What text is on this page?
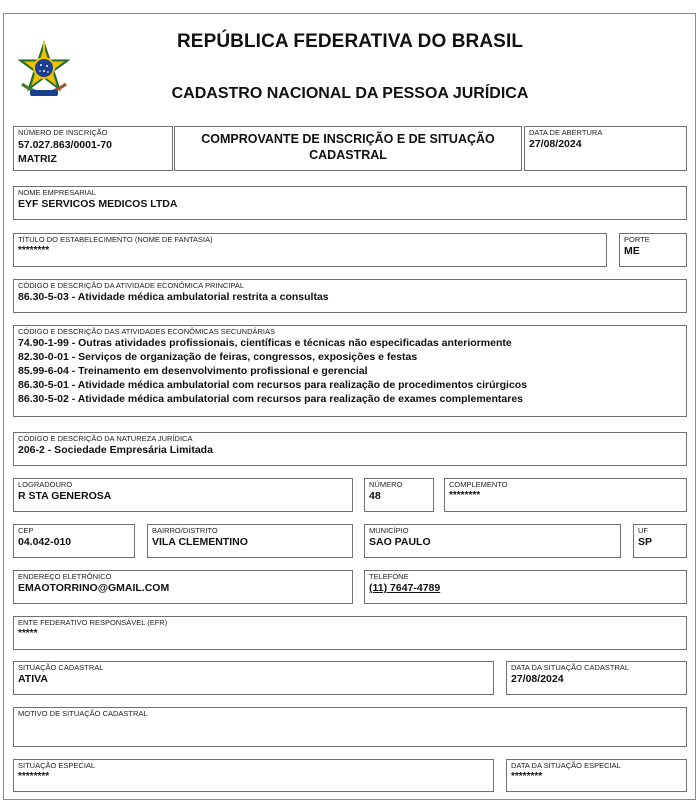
REPÚBLICA FEDERATIVA DO BRASIL
CADASTRO NACIONAL DA PESSOA JURÍDICA
NÚMERO DE INSCRIÇÃO
57.027.863/0001-70
MATRIZ
COMPROVANTE DE INSCRIÇÃO E DE SITUAÇÃO
CADASTRAL
DATA DE ABERTURA
27/08/2024
NOME EMPRESARIAL
EYF SERVICOS MEDICOS LTDA
TÍTULO DO ESTABELECIMENTO (NOME DE FANTASIA)
********
PORTE
ME
CÓDIGO E DESCRIÇÃO DA ATIVIDADE ECONÔMICA PRINCIPAL
86.30-5-03 - Atividade médica ambulatorial restrita a consultas
CÓDIGO E DESCRIÇÃO DAS ATIVIDADES ECONÔMICAS SECUNDÁRIAS
74.90-1-99 - Outras atividades profissionais, científicas e técnicas não especificadas anteriormente
82.30-0-01 - Serviços de organização de feiras, congressos, exposições e festas
85.99-6-04 - Treinamento em desenvolvimento profissional e gerencial
86.30-5-01 - Atividade médica ambulatorial com recursos para realização de procedimentos cirúrgicos
86.30-5-02 - Atividade médica ambulatorial com recursos para realização de exames complementares
CÓDIGO E DESCRIÇÃO DA NATUREZA JURÍDICA
206-2 - Sociedade Empresária Limitada
LOGRADOURO
R STA GENEROSA
NÚMERO
48
COMPLEMENTO
********
CEP
04.042-010
BAIRRO/DISTRITO
VILA CLEMENTINO
MUNICÍPIO
SAO PAULO
UF
SP
ENDEREÇO ELETRÔNICO
EMAOTORRINO@GMAIL.COM
TELEFONE
(11) 7647-4789
ENTE FEDERATIVO RESPONSÁVEL (EFR)
*****
SITUAÇÃO CADASTRAL
ATIVA
DATA DA SITUAÇÃO CADASTRAL
27/08/2024
MOTIVO DE SITUAÇÃO CADASTRAL
SITUAÇÃO ESPECIAL
********
DATA DA SITUAÇÃO ESPECIAL
********
